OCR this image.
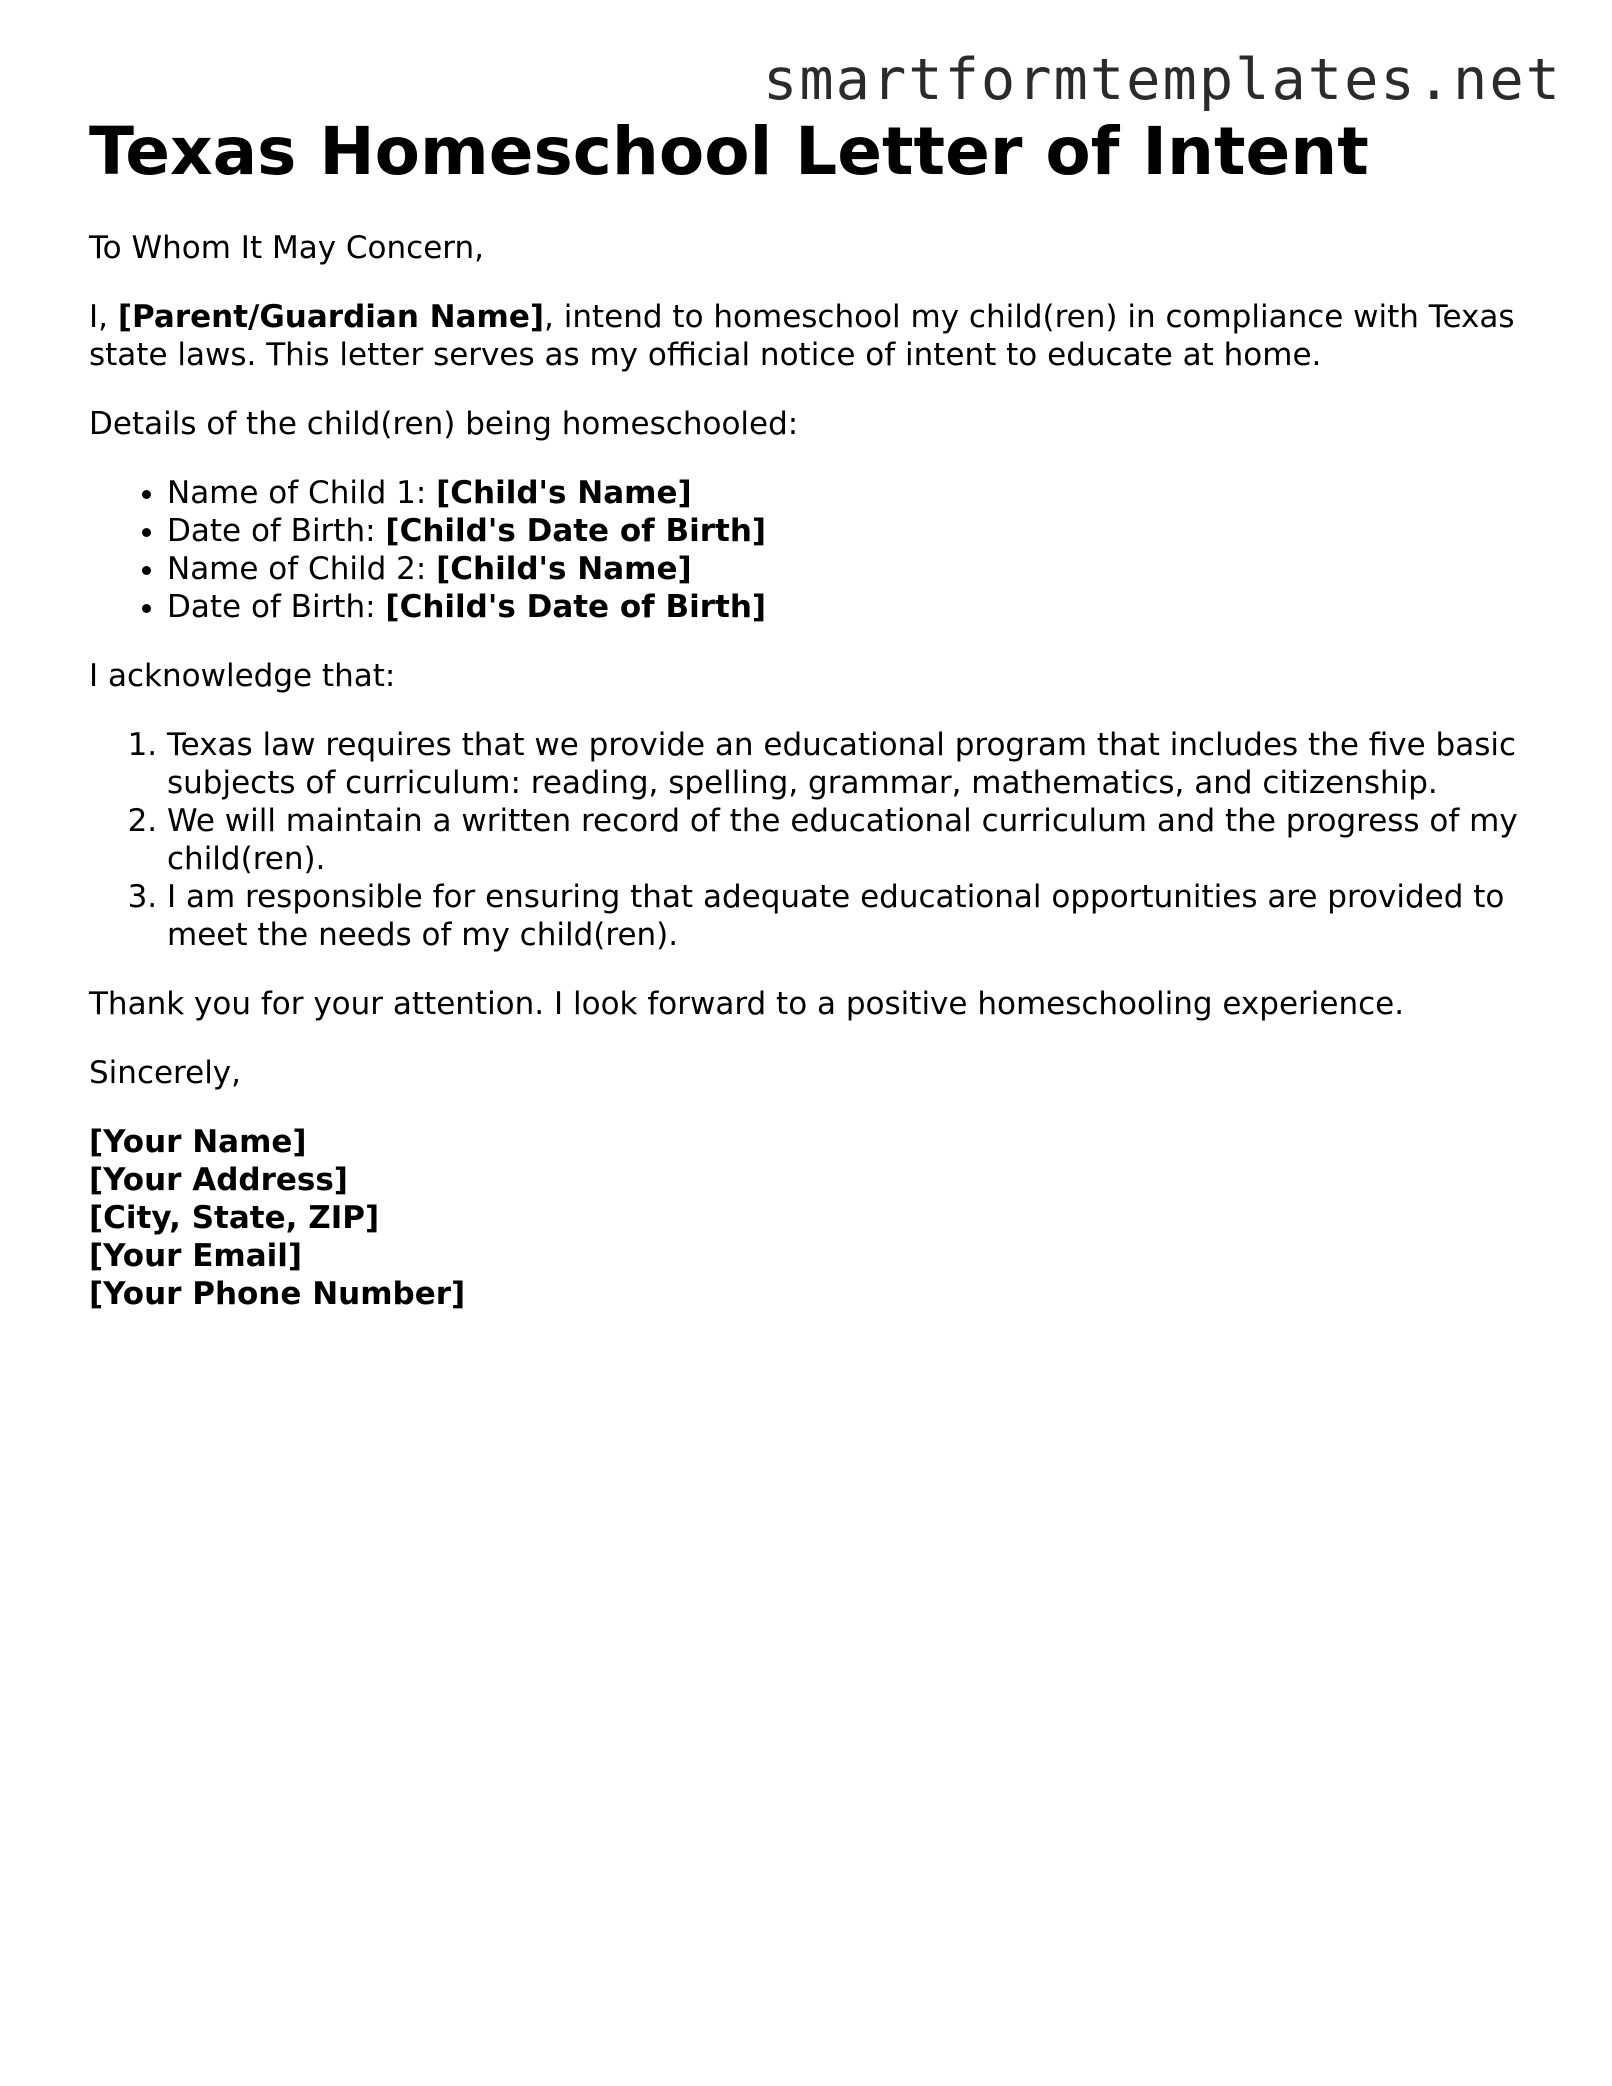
smartformtemplates.net
Texas Homeschool Letter of Intent

To Whom It May Concern,

I, [Parent/Guardian Name], intend to homeschool my child(ren) in compliance with Texas state laws. This letter serves as my official notice of intent to educate at home.

Details of the child(ren) being homeschooled:

• Name of Child 1: [Child's Name]
• Date of Birth: [Child's Date of Birth]
• Name of Child 2: [Child's Name]
• Date of Birth: [Child's Date of Birth]

I acknowledge that:

1. Texas law requires that we provide an educational program that includes the five basic subjects of curriculum: reading, spelling, grammar, mathematics, and citizenship.
2. We will maintain a written record of the educational curriculum and the progress of my child(ren).
3. I am responsible for ensuring that adequate educational opportunities are provided to meet the needs of my child(ren).

Thank you for your attention. I look forward to a positive homeschooling experience.

Sincerely,

[Your Name]
[Your Address]
[City, State, ZIP]
[Your Email]
[Your Phone Number]
